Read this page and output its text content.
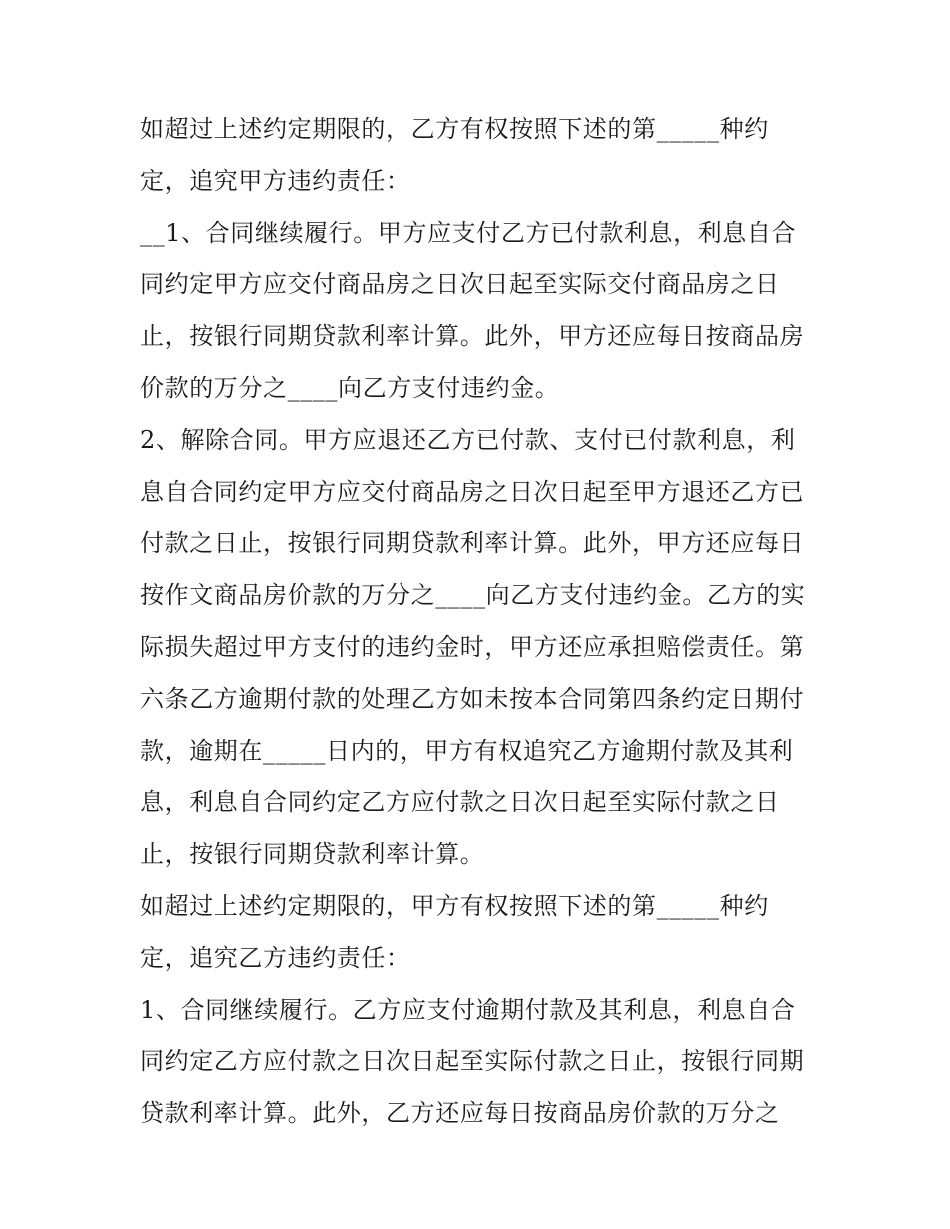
如超过上述约定期限的，乙方有权按照下述的第_____种约
定，追究甲方违约责任：
__1、合同继续履行。甲方应支付乙方已付款利息，利息自合
同约定甲方应交付商品房之日次日起至实际交付商品房之日
止，按银行同期贷款利率计算。此外，甲方还应每日按商品房
价款的万分之____向乙方支付违约金。
2、解除合同。甲方应退还乙方已付款、支付已付款利息，利
息自合同约定甲方应交付商品房之日次日起至甲方退还乙方已
付款之日止，按银行同期贷款利率计算。此外，甲方还应每日
按作文商品房价款的万分之____向乙方支付违约金。乙方的实
际损失超过甲方支付的违约金时，甲方还应承担赔偿责任。第
六条乙方逾期付款的处理乙方如未按本合同第四条约定日期付
款，逾期在_____日内的，甲方有权追究乙方逾期付款及其利
息，利息自合同约定乙方应付款之日次日起至实际付款之日
止，按银行同期贷款利率计算。
如超过上述约定期限的，甲方有权按照下述的第_____种约
定，追究乙方违约责任：
1、合同继续履行。乙方应支付逾期付款及其利息，利息自合
同约定乙方应付款之日次日起至实际付款之日止，按银行同期
贷款利率计算。此外，乙方还应每日按商品房价款的万分之
